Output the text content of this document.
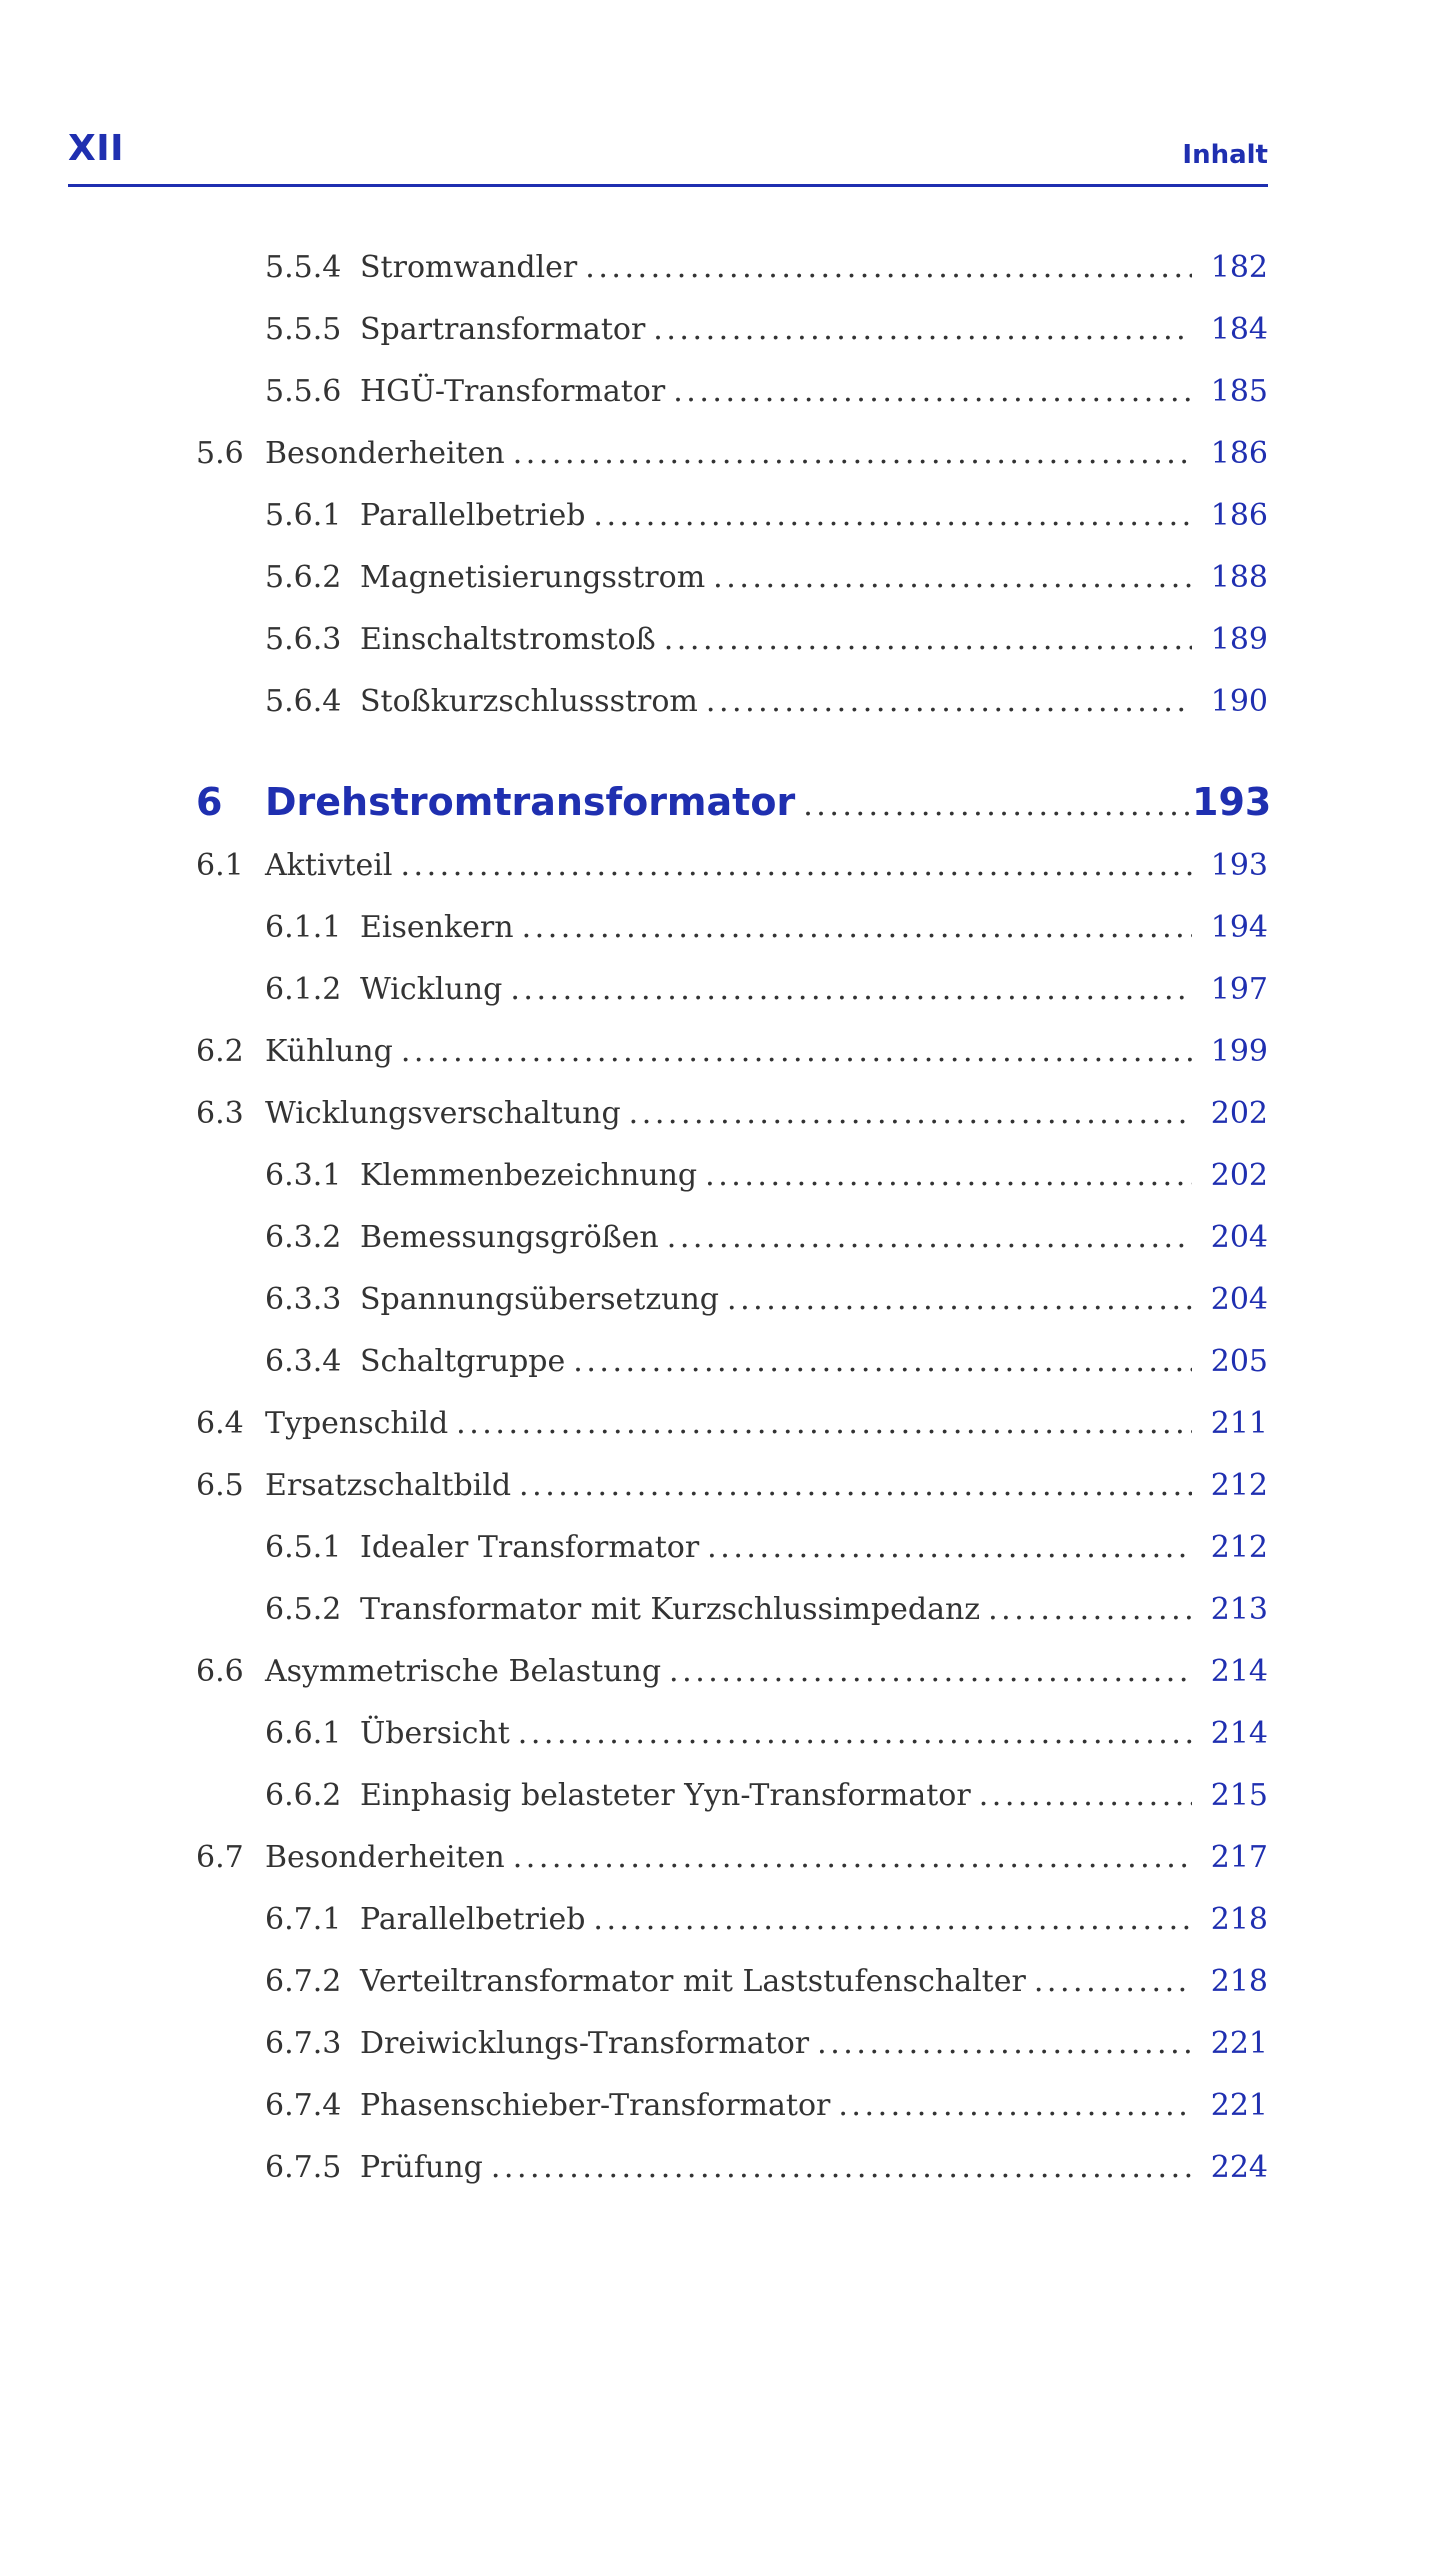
XII	Inhalt
5.5.4 Stromwandler . . .	182
5.5.5 Spartransformator . . .	184
5.5.6 HGÜ-Transformator . . .	185
5.6 Besonderheiten . . .	186
5.6.1 Parallelbetrieb . . .	186
5.6.2 Magnetisierungsstrom . . .	188
5.6.3 Einschaltstromstoß . . .	189
5.6.4 Stoßkurzschlussstrom . . .	190
6	Drehstromtransformator . . .	193
6.1 Aktivteil . . .	193
6.1.1 Eisenkern . . .	194
6.1.2 Wicklung . . .	197
6.2 Kühlung . . .	199
6.3 Wicklungsverschaltung . . .	202
6.3.1 Klemmenbezeichnung . . .	202
6.3.2 Bemessungsgrößen . . .	204
6.3.3 Spannungsübersetzung . . .	204
6.3.4 Schaltgruppe . . .	205
6.4 Typenschild . . .	211
6.5 Ersatzschaltbild . . .	212
6.5.1 Idealer Transformator . . .	212
6.5.2 Transformator mit Kurzschlussimpedanz . . .	213
6.6 Asymmetrische Belastung . . .	214
6.6.1 Übersicht . . .	214
6.6.2 Einphasig belasteter Yyn-Transformator . . .	215
6.7 Besonderheiten . . .	217
6.7.1 Parallelbetrieb . . .	218
6.7.2 Verteiltransformator mit Laststufenschalter . . .	218
6.7.3 Dreiwicklungs-Transformator . . .	221
6.7.4 Phasenschieber-Transformator . . .	221
6.7.5 Prüfung . . .	224
